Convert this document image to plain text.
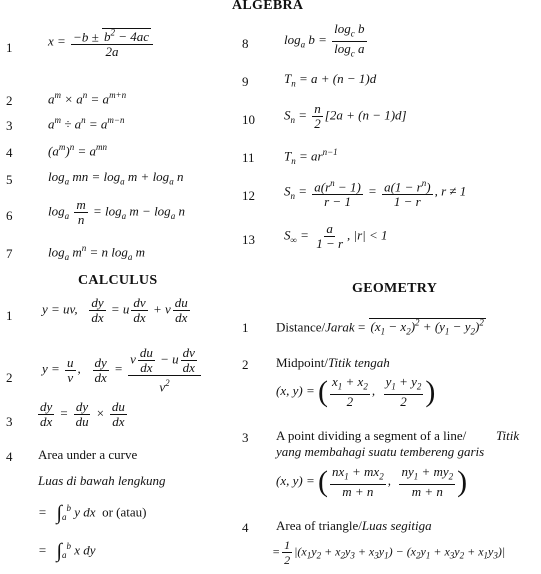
ALGEBRA
CALCULUS
GEOMETRY
1
2
3
4
5
6
7
$x = \frac{-b \pm b^2 - 4ac}{2a}$
$a^m \times a^n = a^{m+n}$
$a^m \div a^n = a^{m-n}$
$(a^m)^n = a^{mn}$
$\log_a$ mn = $\log_a m + \log_a n$
$\log_a \frac{m}{n} = \log_a m - \log_a n$
$\log_a m^n = n$ $\log_a m$
8
9
10
11
12
13
$\log_a b = \frac{\log_c b}{\log_c a}$
$T_n = a + (n - 1)d$
$S_n = \frac{n}{2} [2a + (n - 1)d]$
$T_n = ar^{n-1}$
$S_n = \frac{a(r^n - 1)}{r - 1} = \frac{a(1 - r^n)}{1 - r}$ , r ≠ 1
$S_\infty = \frac{a}{1 - r}$ , |r| < 1
1 y = uv, $\frac{dy}{dx} = u \frac{dv}{dx} + v \frac{du}{dx}$
2
$y = \frac{u}{v}$ , $\frac{dy}{dx} = \frac{v \frac{du}{dx} - u \frac{dv}{dx}}{v^2}$
$3 \frac{dy}{dx} = \frac{dy}{du} \times \frac{du}{dx}$
4 Area under a curve
Luas di bawah lengkung
=   $\int_a^b$ y dx  or (atau)
=   $\int_a^b$ x dy
1 Distance/Jarak = $(x_1 - x_2)^2 + (y_1 - y_2)^2$
2 Midpoint/Titik tengah
(x, y) = ( $\frac{x_1 + x_2}{2}$ , $\frac{y_1 + y_2}{2}$ )
3 A point dividing a segment of a line/	Titik yang membahagi suatu tembereng garis
(x, y) = ( $\frac{nx_1 + mx_2}{m + n}$ , $\frac{ny_1 + my_2}{m + n}$ )
4 Area of triangle/Luas segitiga
= $\frac{1}{2} |(x_1y_2 + x_2y_3 + x_3y_1) - (x_2y_1 + x_3y_2 + x_1y_3)|$
